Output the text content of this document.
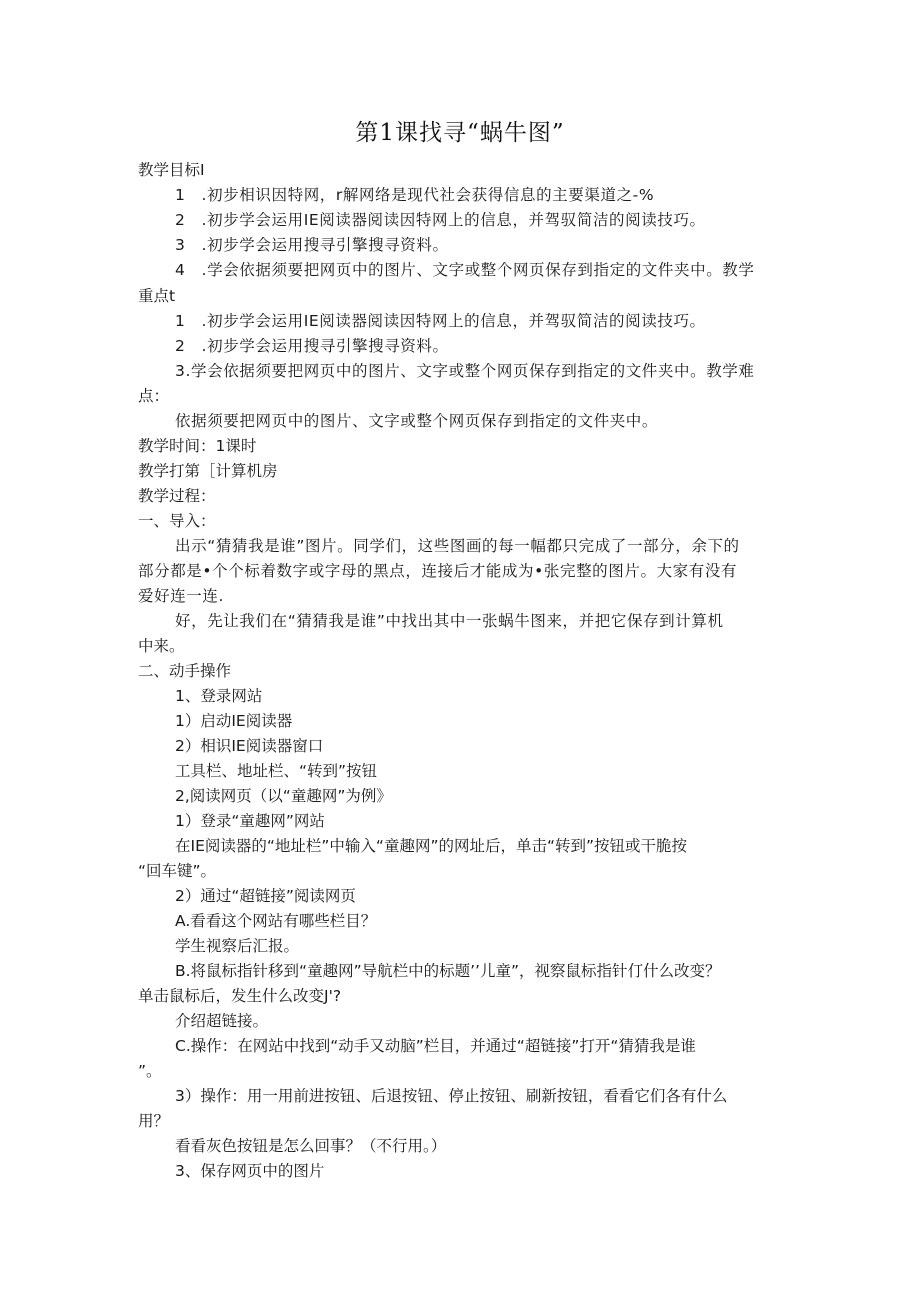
第1课找寻“蜗牛图”
教学目标I
1　.初步相识因特网，r解网络是现代社会获得信息的主要渠道之-%
2　.初步学会运用IE阅读器阅读因特网上的信息，并驾驭简洁的阅读技巧。
3　.初步学会运用搜寻引擎搜寻资料。
4　.学会依据须要把网页中的图片、文字或整个网页保存到指定的文件夹中。教学
重点t
1　.初步学会运用IE阅读器阅读因特网上的信息，并驾驭简洁的阅读技巧。
2　.初步学会运用搜寻引擎搜寻资料。
3.学会依据须要把网页中的图片、文字或整个网页保存到指定的文件夹中。教学难
点：
依据须要把网页中的图片、文字或整个网页保存到指定的文件夹中。
教学时间：1课时
教学打第［计算机房
教学过程：
一、导入：
出示“猜猜我是谁”图片。同学们，这些图画的每一幅都只完成了一部分，余下的
部分都是•个个标着数字或字母的黑点，连接后才能成为•张完整的图片。大家有没有
爱好连一连.
好，先让我们在“猜猜我是谁”中找出其中一张蜗牛图来，并把它保存到计算机
中来。
二、动手操作
1、登录网站
1）启动IE阅读器
2）相识IE阅读器窗口
工具栏、地址栏、“转到”按钮
2,阅读网页（以“童趣网”为例》
1）登录“童趣网”网站
在IE阅读器的“地址栏”中输入“童趣网”的网址后，单击“转到”按钮或干脆按
“回车键”。
2）通过“超链接”阅读网页
A.看看这个网站有哪些栏目？
学生视察后汇报。
B.将鼠标指针移到“童趣网”导航栏中的标题’’儿童”，视察鼠标指针仃什么改变？
单击鼠标后，发生什么改变J'?
介绍超链接。
C.操作：在网站中找到“动手又动脑”栏目，并通过“超链接”打开“猜猜我是谁
”。
3）操作：用一用前进按钮、后退按钮、停止按钮、刷新按钮，看看它们各有什么
用？
看看灰色按钮是怎么回事？（不行用。）
3、保存网页中的图片
